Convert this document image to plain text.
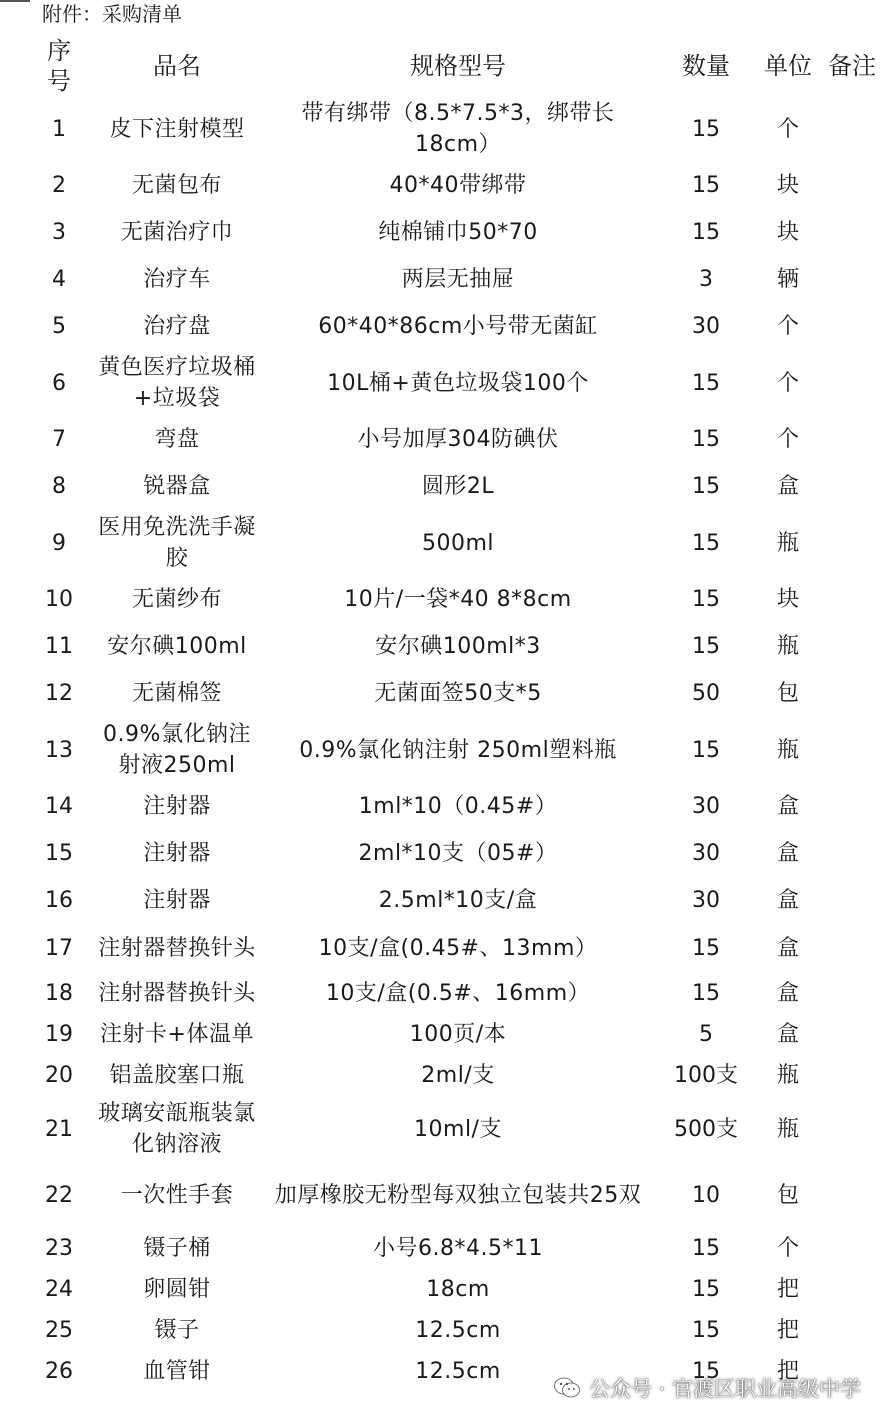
附件：采购清单
序号	品名	规格型号	数量	单位	备注
1	皮下注射模型	带有绑带（8.5*7.5*3，绑带长18cm）	15	个	
2	无菌包布	40*40带绑带	15	块	
3	无菌治疗巾	纯棉铺巾50*70	15	块	
4	治疗车	两层无抽屉	3	辆	
5	治疗盘	60*40*86cm小号带无菌缸	30	个	
6	黄色医疗垃圾桶+垃圾袋	10L桶+黄色垃圾袋100个	15	个	
7	弯盘	小号加厚304防碘伏	15	个	
8	锐器盒	圆形2L	15	盒	
9	医用免洗洗手凝胶	500ml	15	瓶	
10	无菌纱布	10片/一袋*40 8*8cm	15	块	
11	安尔碘100ml	安尔碘100ml*3	15	瓶	
12	无菌棉签	无菌面签50支*5	50	包	
13	0.9%氯化钠注射液250ml	0.9%氯化钠注射 250ml塑料瓶	15	瓶	
14	注射器	1ml*10（0.45#）	30	盒	
15	注射器	2ml*10支（05#）	30	盒	
16	注射器	2.5ml*10支/盒	30	盒	
17	注射器替换针头	10支/盒(0.45#、13mm）	15	盒	
18	注射器替换针头	10支/盒(0.5#、16mm）	15	盒	
19	注射卡+体温单	100页/本	5	盒	
20	铝盖胶塞口瓶	2ml/支	100支	瓶	
21	玻璃安瓿瓶装氯化钠溶液	10ml/支	500支	瓶	
22	一次性手套	加厚橡胶无粉型每双独立包装共25双	10	包	
23	镊子桶	小号6.8*4.5*11	15	个	
24	卵圆钳	18cm	15	把	
25	镊子	12.5cm	15	把	
26	血管钳	12.5cm	15	把	
公众号 · 官渡区职业高级中学
